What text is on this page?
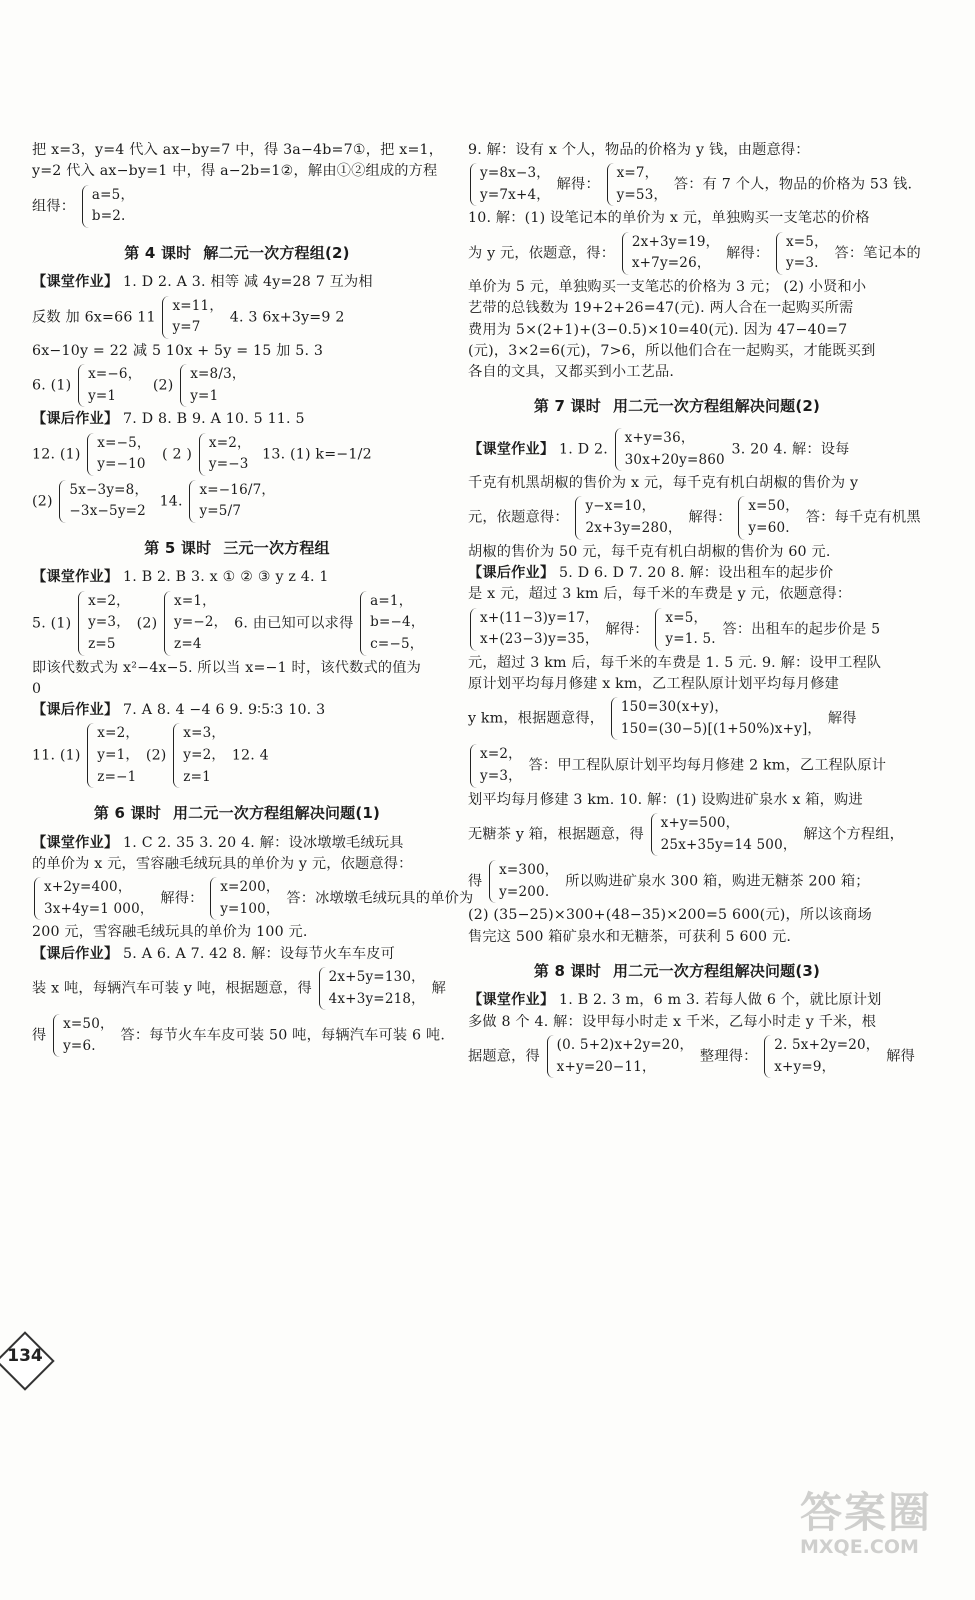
把 x=3，y=4 代入 ax−by=7 中，得 3a−4b=7①，把 x=1，
y=2 代入 ax−by=1 中，得 a−2b=1②，解由①②组成的方程
组得：
a=5，
b=2.
第 4 课时 解二元一次方程组(2)
【课堂作业】 1. D 2. A 3. 相等 减 4y=28 7 互为相
反数 加 6x=66 11
x=11，
y=7
4. 3 6x+3y=9 2
6x−10y = 22 减 5 10x + 5y = 15 加 5. 3
6. (1)
x=−6，
y=1
(2)
x=8/3，
y=1
【课后作业】 7. D 8. B 9. A 10. 5 11. 5
12. (1)
x=−5，
y=−10
( 2 )
x=2，
y=−3
13. (1) k=−1/2
(2)
5x−3y=8，
−3x−5y=2
14.
x=−16/7，
y=5/7
第 5 课时 三元一次方程组
【课堂作业】 1. B 2. B 3. x ① ② ③ y z 4. 1
5. (1)
x=2，
y=3，
z=5
(2)
x=1，
y=−2，
z=4
6. 由已知可以求得
a=1，
b=−4，
c=−5，
即该代数式为 x²−4x−5. 所以当 x=−1 时，该代数式的值为
0
【课后作业】 7. A 8. 4 −4 6 9. 9∶5∶3 10. 3
11. (1)
x=2，
y=1，
z=−1
(2)
x=3，
y=2，
z=1
12. 4
第 6 课时 用二元一次方程组解决问题(1)
【课堂作业】 1. C 2. 35 3. 20 4. 解：设冰墩墩毛绒玩具
的单价为 x 元，雪容融毛绒玩具的单价为 y 元，依题意得：
x+2y=400，
3x+4y=1 000，
解得：
x=200，
y=100，
答：冰墩墩毛绒玩具的单价为
200 元，雪容融毛绒玩具的单价为 100 元.
【课后作业】 5. A 6. A 7. 42 8. 解：设每节火车车皮可
装 x 吨，每辆汽车可装 y 吨，根据题意，得
2x+5y=130，
4x+3y=218，
解
得
x=50，
y=6.
答：每节火车车皮可装 50 吨，每辆汽车可装 6 吨.
9. 解：设有 x 个人，物品的价格为 y 钱，由题意得：
y=8x−3，
y=7x+4，
解得：
x=7，
y=53，
答：有 7 个人，物品的价格为 53 钱.
10. 解：(1) 设笔记本的单价为 x 元，单独购买一支笔芯的价格
为 y 元，依题意，得：
2x+3y=19，
x+7y=26，
解得：
x=5，
y=3.
答：笔记本的
单价为 5 元，单独购买一支笔芯的价格为 3 元； (2) 小贤和小
艺带的总钱数为 19+2+26=47(元). 两人合在一起购买所需
费用为 5×(2+1)+(3−0.5)×10=40(元). 因为 47−40=7
(元)，3×2=6(元)，7>6，所以他们合在一起购买，才能既买到
各自的文具，又都买到小工艺品.
第 7 课时 用二元一次方程组解决问题(2)
【课堂作业】 1. D 2.
x+y=36，
30x+20y=860
3. 20 4. 解：设每
千克有机黑胡椒的售价为 x 元，每千克有机白胡椒的售价为 y
元，依题意得：
y−x=10，
2x+3y=280，
解得：
x=50，
y=60.
答：每千克有机黑
胡椒的售价为 50 元，每千克有机白胡椒的售价为 60 元.
【课后作业】 5. D 6. D 7. 20 8. 解：设出租车的起步价
是 x 元，超过 3 km 后，每千米的车费是 y 元，依题意得：
x+(11−3)y=17，
x+(23−3)y=35，
解得：
x=5，
y=1. 5.
答：出租车的起步价是 5
元，超过 3 km 后，每千米的车费是 1. 5 元. 9. 解：设甲工程队
原计划平均每月修建 x km，乙工程队原计划平均每月修建
y km，根据题意得，
150=30(x+y)，
150=(30−5)[(1+50%)x+y]，
解得
x=2，
y=3，
答：甲工程队原计划平均每月修建 2 km，乙工程队原计
划平均每月修建 3 km. 10. 解：(1) 设购进矿泉水 x 箱，购进
无糖茶 y 箱，根据题意，得
x+y=500，
25x+35y=14 500，
解这个方程组，
得
x=300，
y=200.
所以购进矿泉水 300 箱，购进无糖茶 200 箱；
(2) (35−25)×300+(48−35)×200=5 600(元)，所以该商场
售完这 500 箱矿泉水和无糖茶，可获利 5 600 元.
第 8 课时 用二元一次方程组解决问题(3)
【课堂作业】 1. B 2. 3 m，6 m 3. 若每人做 6 个，就比原计划
多做 8 个 4. 解：设甲每小时走 x 千米，乙每小时走 y 千米，根
据题意，得
(0. 5+2)x+2y=20，
x+y=20−11，
整理得：
2. 5x+2y=20，
x+y=9，
解得
134
答案圈
MXQE.COM
